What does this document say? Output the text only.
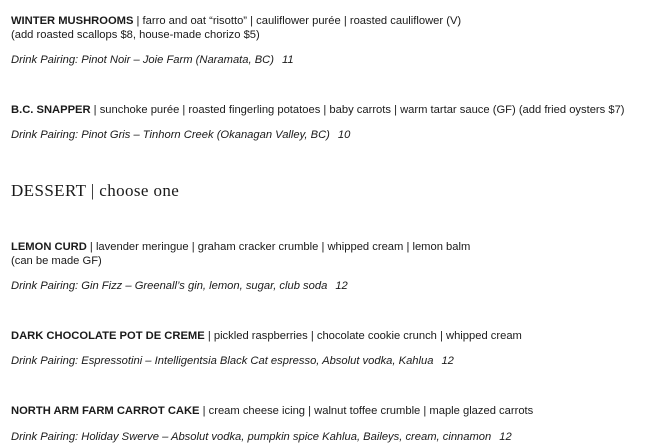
WINTER MUSHROOMS | farro and oat “risotto” | cauliflower purée | roasted cauliflower (V)
(add roasted scallops $8, house-made chorizo $5)
Drink Pairing: Pinot Noir – Joie Farm (Naramata, BC) 11
B.C. SNAPPER | sunchoke purée | roasted fingerling potatoes | baby carrots | warm tartar sauce (GF) (add fried oysters $7)
Drink Pairing: Pinot Gris – Tinhorn Creek (Okanagan Valley, BC) 10
DESSERT | choose one
LEMON CURD | lavender meringue | graham cracker crumble | whipped cream | lemon balm
(can be made GF)
Drink Pairing: Gin Fizz – Greenall’s gin, lemon, sugar, club soda 12
DARK CHOCOLATE POT DE CREME | pickled raspberries | chocolate cookie crunch | whipped cream
Drink Pairing: Espressotini – Intelligentsia Black Cat espresso, Absolut vodka, Kahlua 12
NORTH ARM FARM CARROT CAKE | cream cheese icing | walnut toffee crumble | maple glazed carrots
Drink Pairing: Holiday Swerve – Absolut vodka, pumpkin spice Kahlua, Baileys, cream, cinnamon 12
